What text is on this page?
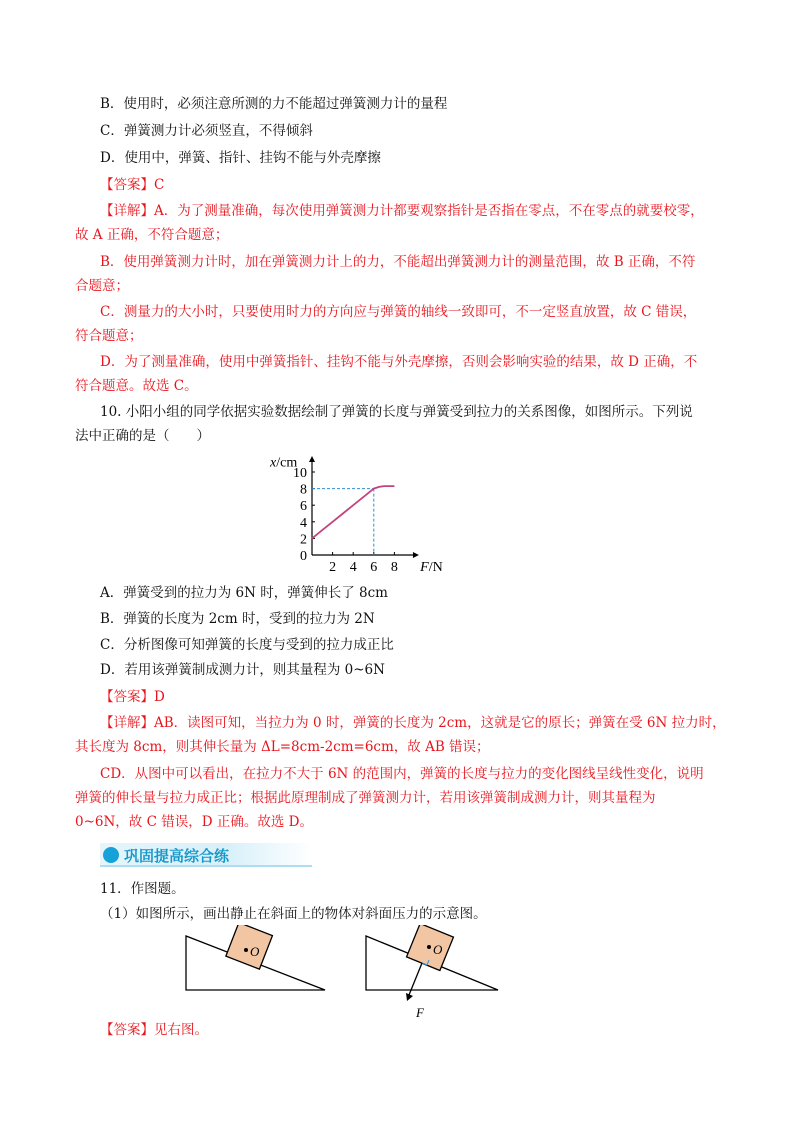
B．使用时，必须注意所测的力不能超过弹簧测力计的量程
C．弹簧测力计必须竖直，不得倾斜
D．使用中，弹簧、指针、挂钩不能与外壳摩擦
【答案】C
【详解】A．为了测量准确，每次使用弹簧测力计都要观察指针是否指在零点，不在零点的就要校零，
故 A 正确，不符合题意；
B．使用弹簧测力计时，加在弹簧测力计上的力，不能超出弹簧测力计的测量范围，故 B 正确，不符
合题意；
C．测量力的大小时，只要使用时力的方向应与弹簧的轴线一致即可，不一定竖直放置，故 C 错误，
符合题意；
D．为了测量准确，使用中弹簧指针、挂钩不能与外壳摩擦，否则会影响实验的结果，故 D 正确，不
符合题意。故选 C。
10. 小阳小组的同学依据实验数据绘制了弹簧的长度与弹簧受到拉力的关系图像，如图所示。下列说
法中正确的是（　　）
0
2
4
6
8
10
2 4 6 8
x/cm
F/N
A．弹簧受到的拉力为 6N 时，弹簧伸长了 8cm
B．弹簧的长度为 2cm 时，受到的拉力为 2N
C．分析图像可知弹簧的长度与受到的拉力成正比
D．若用该弹簧制成测力计，则其量程为 0~6N
【答案】D
【详解】AB．读图可知，当拉力为 0 时，弹簧的长度为 2cm，这就是它的原长；弹簧在受 6N 拉力时，
其长度为 8cm，则其伸长量为 ΔL=8cm-2cm=6cm，故 AB 错误；
CD．从图中可以看出，在拉力不大于 6N 的范围内，弹簧的长度与拉力的变化图线呈线性变化，说明
弹簧的伸长量与拉力成正比；根据此原理制成了弹簧测力计，若用该弹簧制成测力计，则其量程为
0~6N，故 C 错误，D 正确。故选 D。
巩固提高综合练
11．作图题。
（1）如图所示，画出静止在斜面上的物体对斜面压力的示意图。
O	O
F
【答案】见右图。
